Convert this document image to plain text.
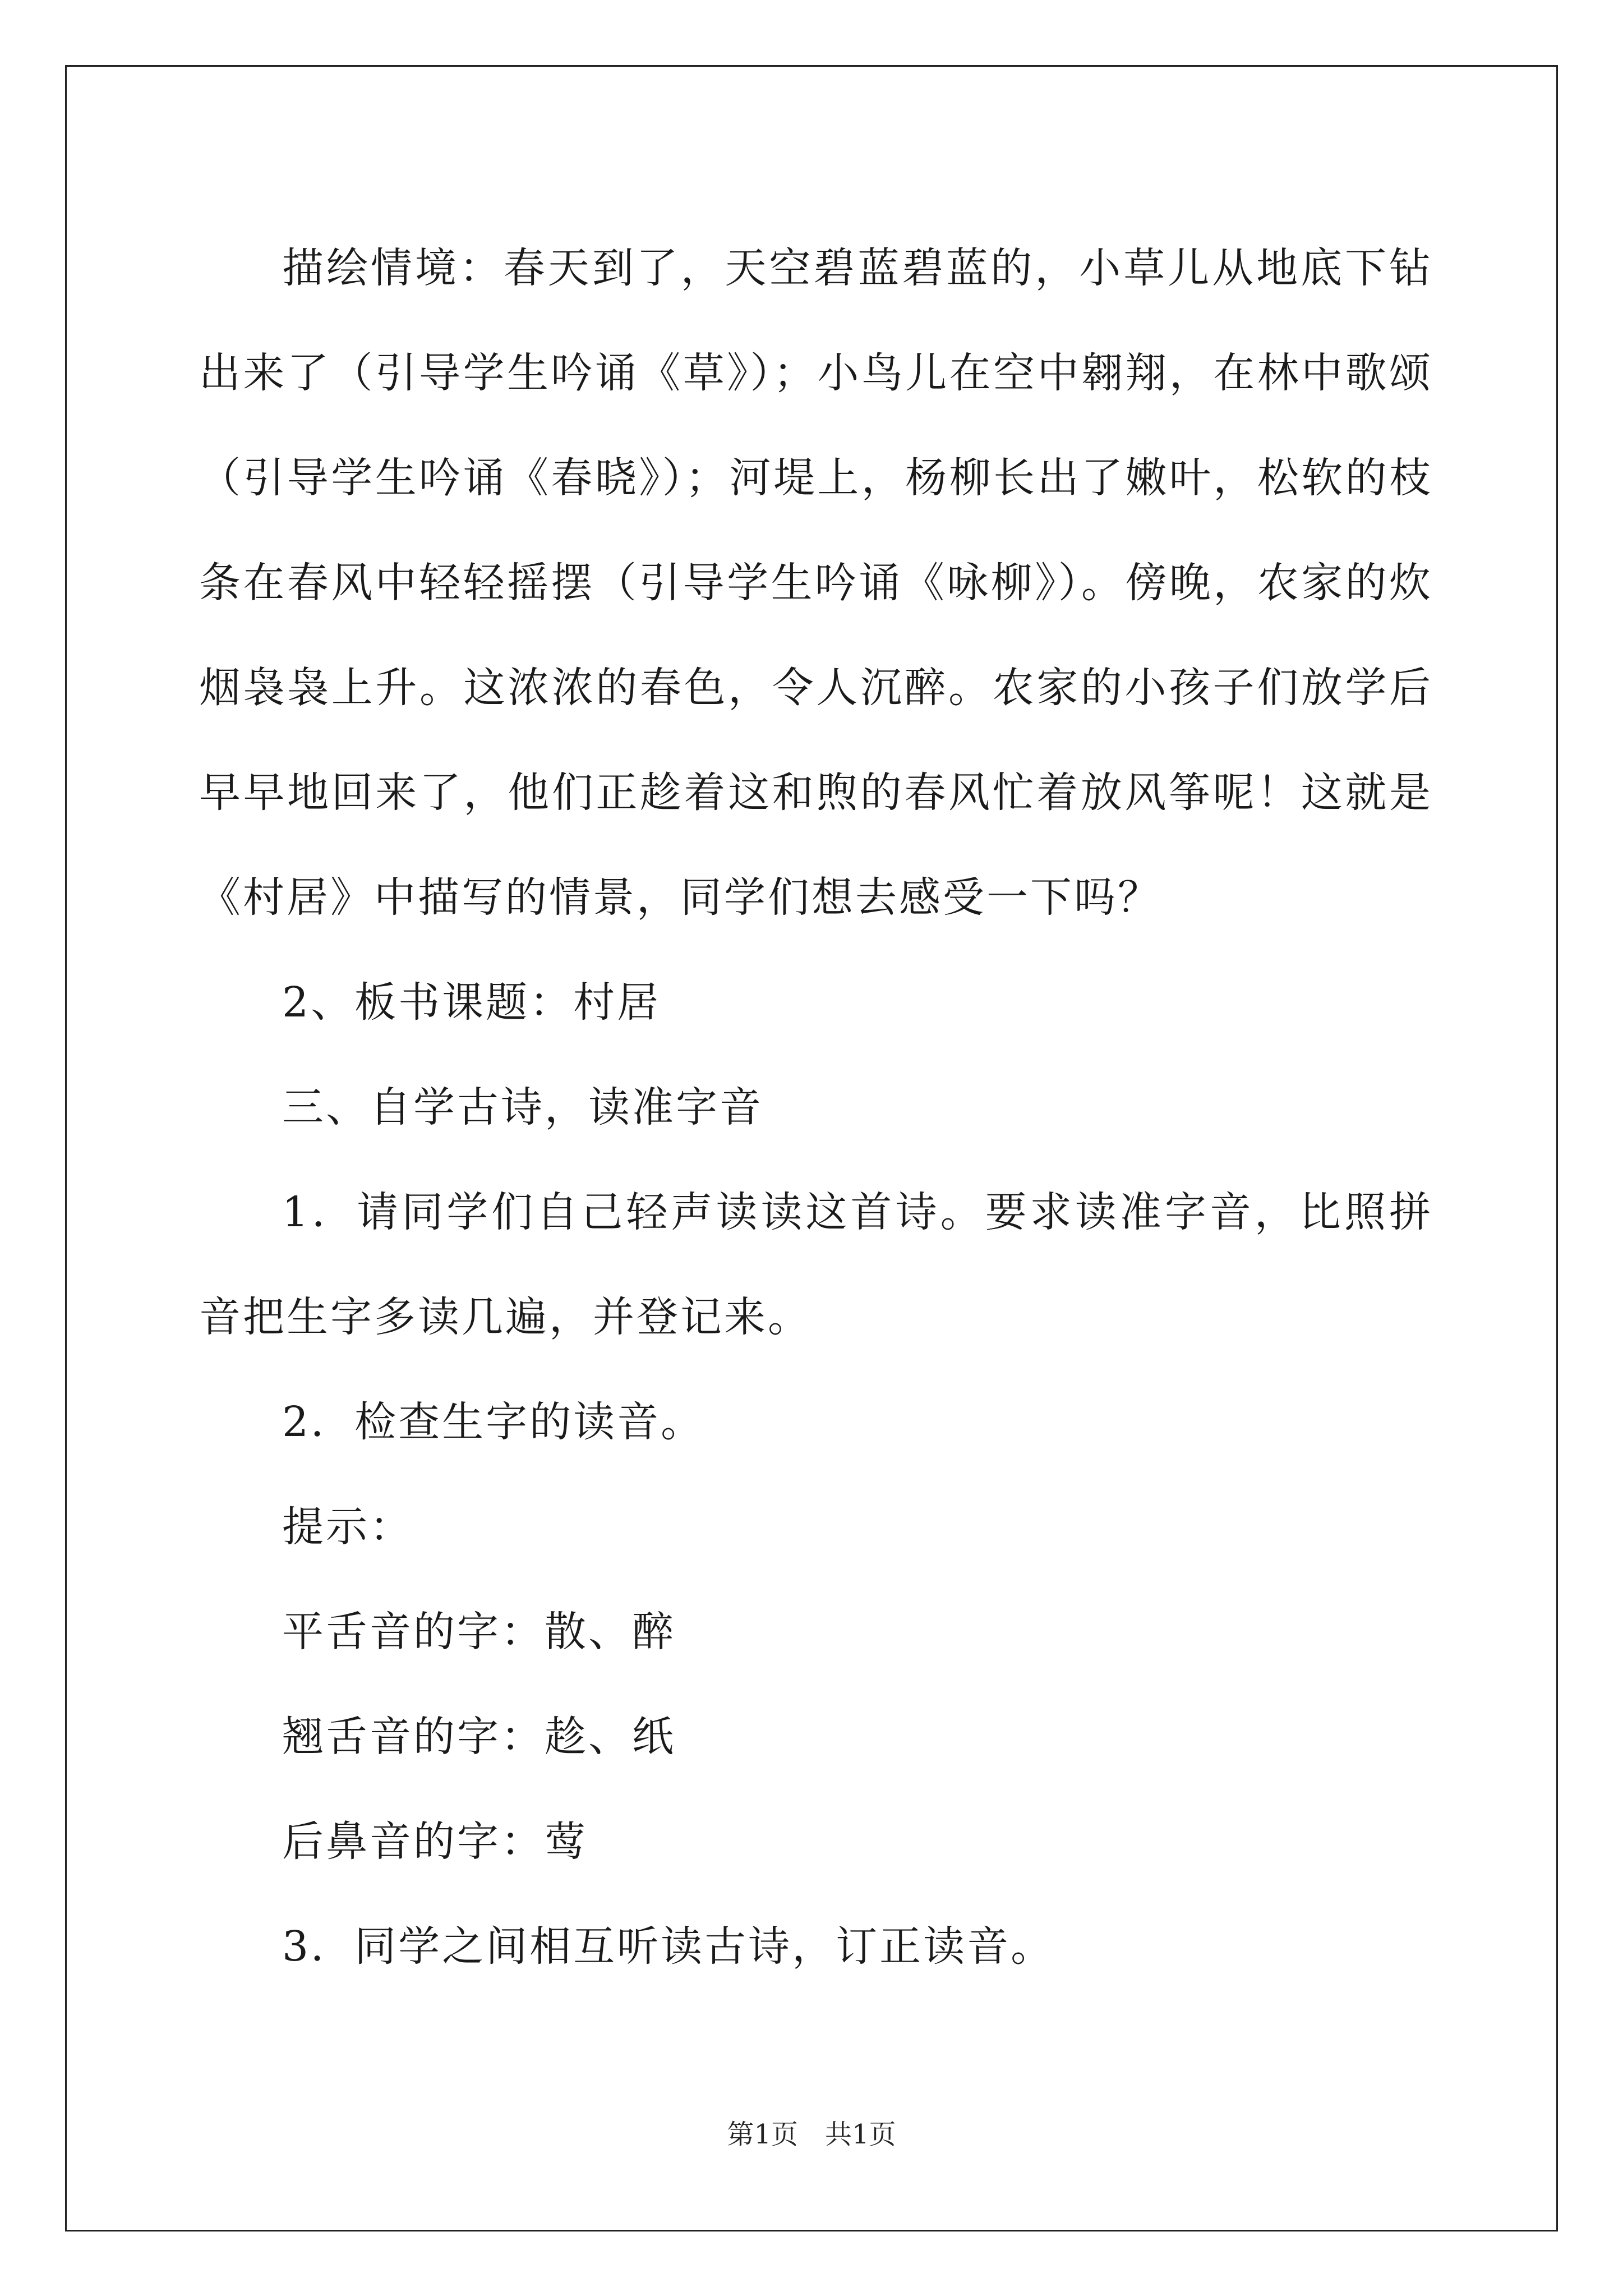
描绘情境：春天到了，天空碧蓝碧蓝的，小草儿从地底下钻出来了（引导学生吟诵《草》）；小鸟儿在空中翱翔，在林中歌颂（引导学生吟诵《春晓》）；河堤上，杨柳长出了嫩叶，松软的枝条在春风中轻轻摇摆（引导学生吟诵《咏柳》）。傍晚，农家的炊烟袅袅上升。这浓浓的春色，令人沉醉。农家的小孩子们放学后早早地回来了，他们正趁着这和煦的春风忙着放风筝呢！这就是《村居》中描写的情景，同学们想去感受一下吗？

2、板书课题：村居

三、自学古诗，读准字音

1．请同学们自己轻声读读这首诗。要求读准字音，比照拼音把生字多读几遍，并登记来。

2．检查生字的读音。

提示：

平舌音的字：散、醉

翘舌音的字：趁、纸

后鼻音的字：莺

3．同学之间相互听读古诗，订正读音。

第1页 共1页
